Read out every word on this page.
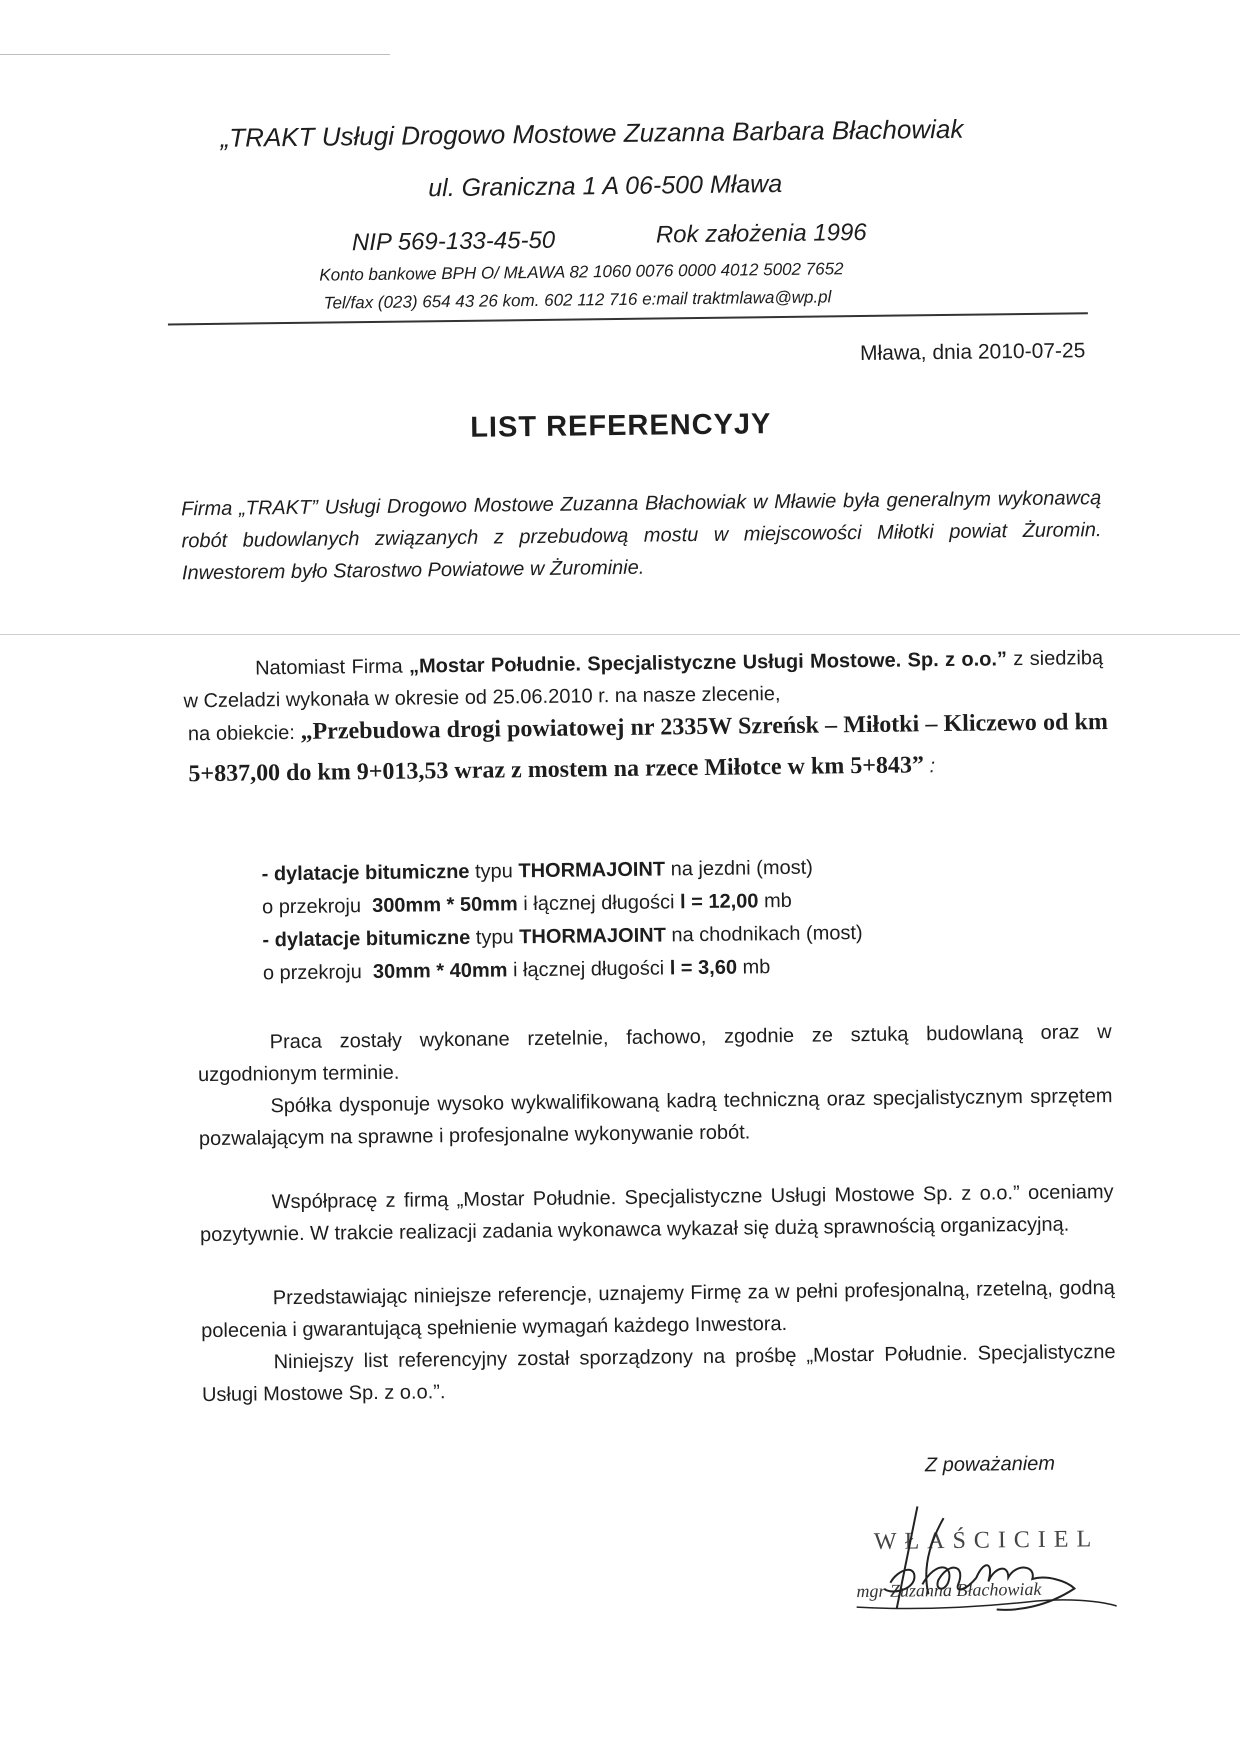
„TRAKT Usługi Drogowo Mostowe Zuzanna Barbara Błachowiak
ul. Graniczna 1 A 06-500 Mława
NIP 569-133-45-50	Rok założenia 1996
Konto bankowe BPH O/ MŁAWA 82 1060 0076 0000 4012 5002 7652
Tel/fax (023) 654 43 26 kom. 602 112 716 e:mail traktmlawa@wp.pl
Mława, dnia 2010-07-25
LIST REFERENCYJY
Firma „TRAKT” Usługi Drogowo Mostowe Zuzanna Błachowiak w Mławie była generalnym wykonawcą robót budowlanych związanych z przebudową mostu w miejscowości Miłotki powiat Żuromin. Inwestorem było Starostwo Powiatowe w Żurominie.
Natomiast Firma „Mostar Południe. Specjalistyczne Usługi Mostowe. Sp. z o.o.” z siedzibą w Czeladzi wykonała w okresie od 25.06.2010 r. na nasze zlecenie,
na obiekcie: „Przebudowa drogi powiatowej nr 2335W Szreńsk – Miłotki – Kliczewo od km 5+837,00 do km 9+013,53 wraz z mostem na rzece Miłotce w km 5+843” :
- dylatacje bitumiczne typu THORMAJOINT na jezdni (most)
o przekroju  300mm * 50mm i łącznej długości l = 12,00 mb
- dylatacje bitumiczne typu THORMAJOINT na chodnikach (most)
o przekroju  30mm * 40mm i łącznej długości l = 3,60 mb
Praca zostały wykonane rzetelnie, fachowo, zgodnie ze sztuką budowlaną oraz w uzgodnionym terminie.
Spółka dysponuje wysoko wykwalifikowaną kadrą techniczną oraz specjalistycznym sprzętem pozwalającym na sprawne i profesjonalne wykonywanie robót.
Współpracę z firmą „Mostar Południe. Specjalistyczne Usługi Mostowe Sp. z o.o.” oceniamy pozytywnie. W trakcie realizacji zadania wykonawca wykazał się dużą sprawnością organizacyjną.
Przedstawiając niniejsze referencje, uznajemy Firmę za w pełni profesjonalną, rzetelną, godną polecenia i gwarantującą spełnienie wymagań każdego Inwestora.
Niniejszy list referencyjny został sporządzony na prośbę „Mostar Południe. Specjalistyczne Usługi Mostowe Sp. z o.o.”.
Z poważaniem
WŁAŚCICIEL
mgr Zuzanna Błachowiak
